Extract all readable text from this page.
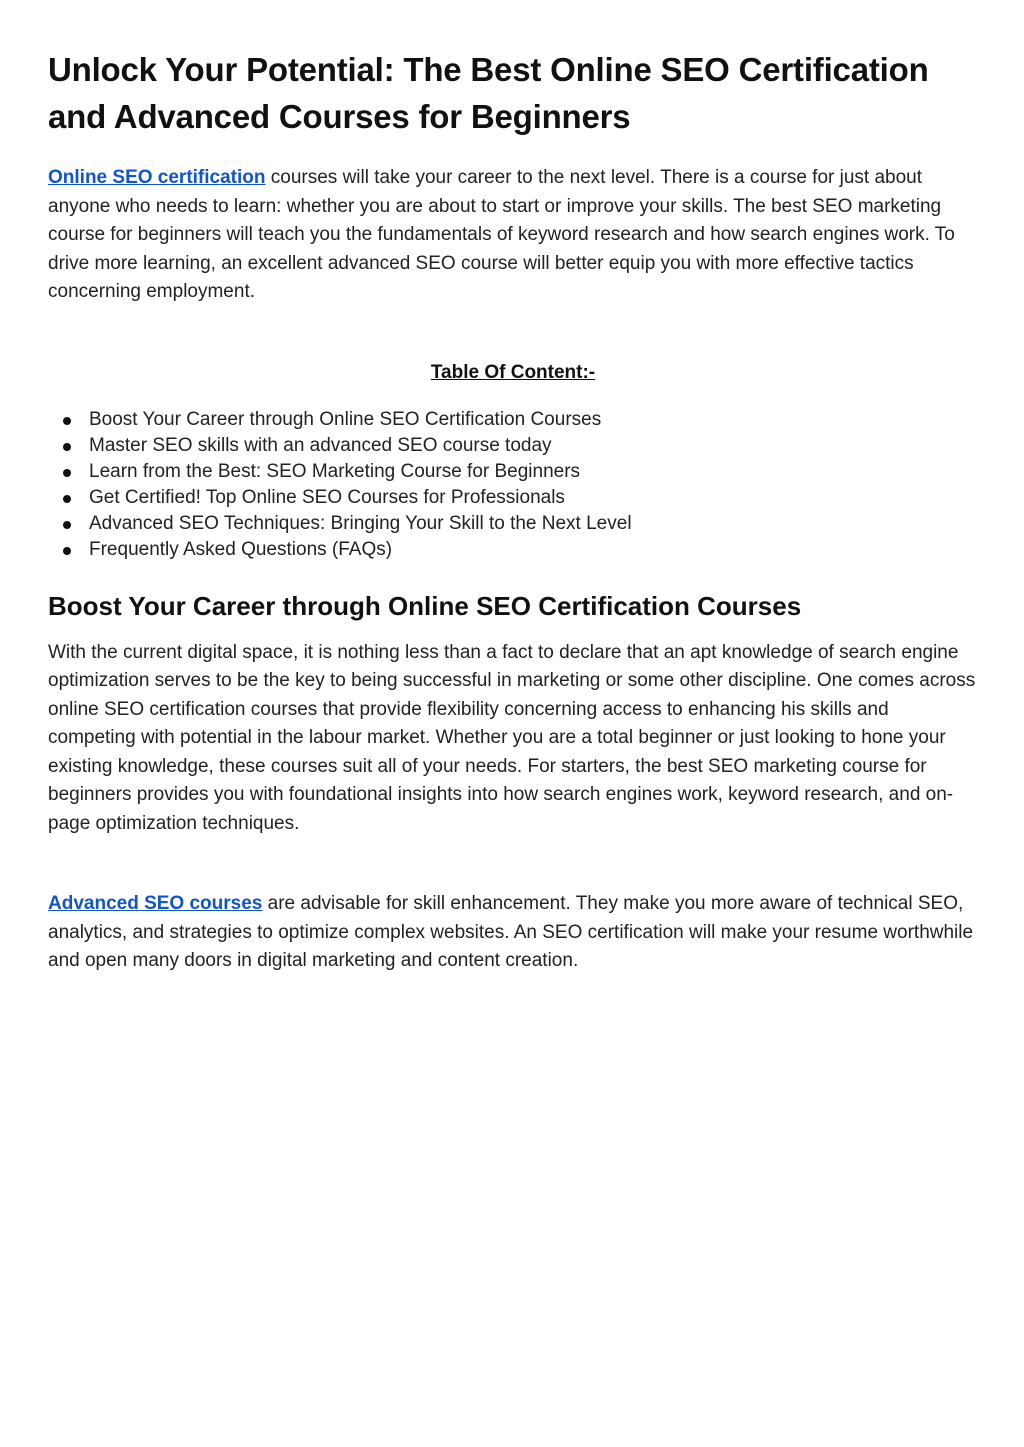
Unlock Your Potential: The Best Online SEO Certification and Advanced Courses for Beginners

Online SEO certification courses will take your career to the next level. There is a course for just about anyone who needs to learn: whether you are about to start or improve your skills. The best SEO marketing course for beginners will teach you the fundamentals of keyword research and how search engines work. To drive more learning, an excellent advanced SEO course will better equip you with more effective tactics concerning employment.

Table Of Content:-
Boost Your Career through Online SEO Certification Courses
Master SEO skills with an advanced SEO course today
Learn from the Best: SEO Marketing Course for Beginners
Get Certified! Top Online SEO Courses for Professionals
Advanced SEO Techniques: Bringing Your Skill to the Next Level
Frequently Asked Questions (FAQs)
Boost Your Career through Online SEO Certification Courses

With the current digital space, it is nothing less than a fact to declare that an apt knowledge of search engine optimization serves to be the key to being successful in marketing or some other discipline. One comes across online SEO certification courses that provide flexibility concerning access to enhancing his skills and competing with potential in the labour market. Whether you are a total beginner or just looking to hone your existing knowledge, these courses suit all of your needs. For starters, the best SEO marketing course for beginners provides you with foundational insights into how search engines work, keyword research, and on-page optimization techniques.

Advanced SEO courses are advisable for skill enhancement. They make you more aware of technical SEO, analytics, and strategies to optimize complex websites. An SEO certification will make your resume worthwhile and open many doors in digital marketing and content creation.
